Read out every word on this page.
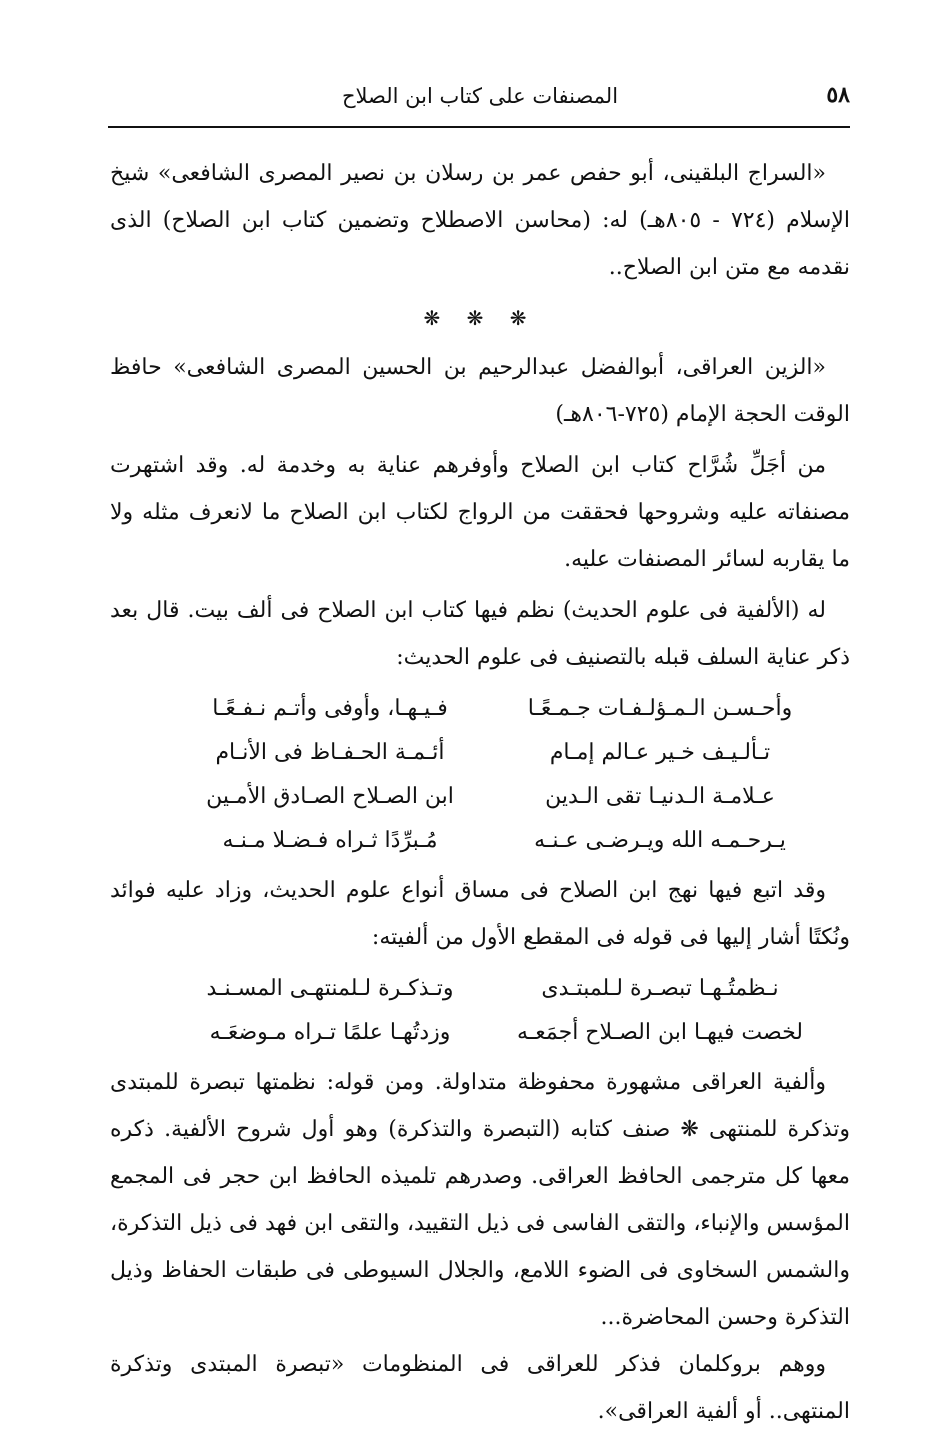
٥٨
المصنفات على كتاب ابن الصلاح

«السراج البلقينى، أبو حفص عمر بن رسلان بن نصير المصرى الشافعى» شيخ الإسلام (٧٢٤ - ٨٠٥هـ) له: (محاسن الاصطلاح وتضمين كتاب ابن الصلاح) الذى نقدمه مع متن ابن الصلاح..

❋ ❋ ❋

«الزين العراقى، أبوالفضل عبدالرحيم بن الحسين المصرى الشافعى» حافظ الوقت الحجة الإمام (٧٢٥-٨٠٦هـ)

من أجَلِّ شُرَّاح كتاب ابن الصلاح وأوفرهم عناية به وخدمة له. وقد اشتهرت مصنفاته عليه وشروحها فحققت من الرواج لكتاب ابن الصلاح ما لانعرف مثله ولا ما يقاربه لسائر المصنفات عليه.

له (الألفية فى علوم الحديث) نظم فيها كتاب ابن الصلاح فى ألف بيت. قال بعد ذكر عناية السلف قبله بالتصنيف فى علوم الحديث:

وأحـسـن الـمـؤلـفـات جـمـعًـا
فـيـهـا، وأوفى وأتـم نـفـعًـا
تـألـيـف خـير عـالم إمـام
أئـمـة الحـفـاظ فى الأنـام
عـلامـة الـدنيـا تقى الـدين
ابن الصـلاح الصـادق الأمـين
يـرحـمـه الله ويـرضـى عـنـه
مُـبرِّدًا ثـراه فـضـلا مـنـه

وقد اتبع فيها نهج ابن الصلاح فى مساق أنواع علوم الحديث، وزاد عليه فوائد ونُكتًا أشار إليها فى قوله فى المقطع الأول من ألفيته:

نـظمتُـهـا تبصـرة لـلمبتـدى
وتـذكـرة لـلمنتهـى المسـنـد
لخصت فيهـا ابن الصـلاح أجمَعـه
وزدتُهـا علمًا تـراه مـوضعَـه

وألفية العراقى مشهورة محفوظة متداولة. ومن قوله: نظمتها تبصرة للمبتدى وتذكرة للمنتهى ❋ صنف كتابه (التبصرة والتذكرة) وهو أول شروح الألفية. ذكره معها كل مترجمى الحافظ العراقى. وصدرهم تلميذه الحافظ ابن حجر فى المجمع المؤسس والإنباء، والتقى الفاسى فى ذيل التقييد، والتقى ابن فهد فى ذيل التذكرة، والشمس السخاوى فى الضوء اللامع، والجلال السيوطى فى طبقات الحفاظ وذيل التذكرة وحسن المحاضرة...

ووهم بروكلمان فذكر للعراقى فى المنظومات «تبصرة المبتدى وتذكرة المنتهى.. أو ألفية العراقى».
